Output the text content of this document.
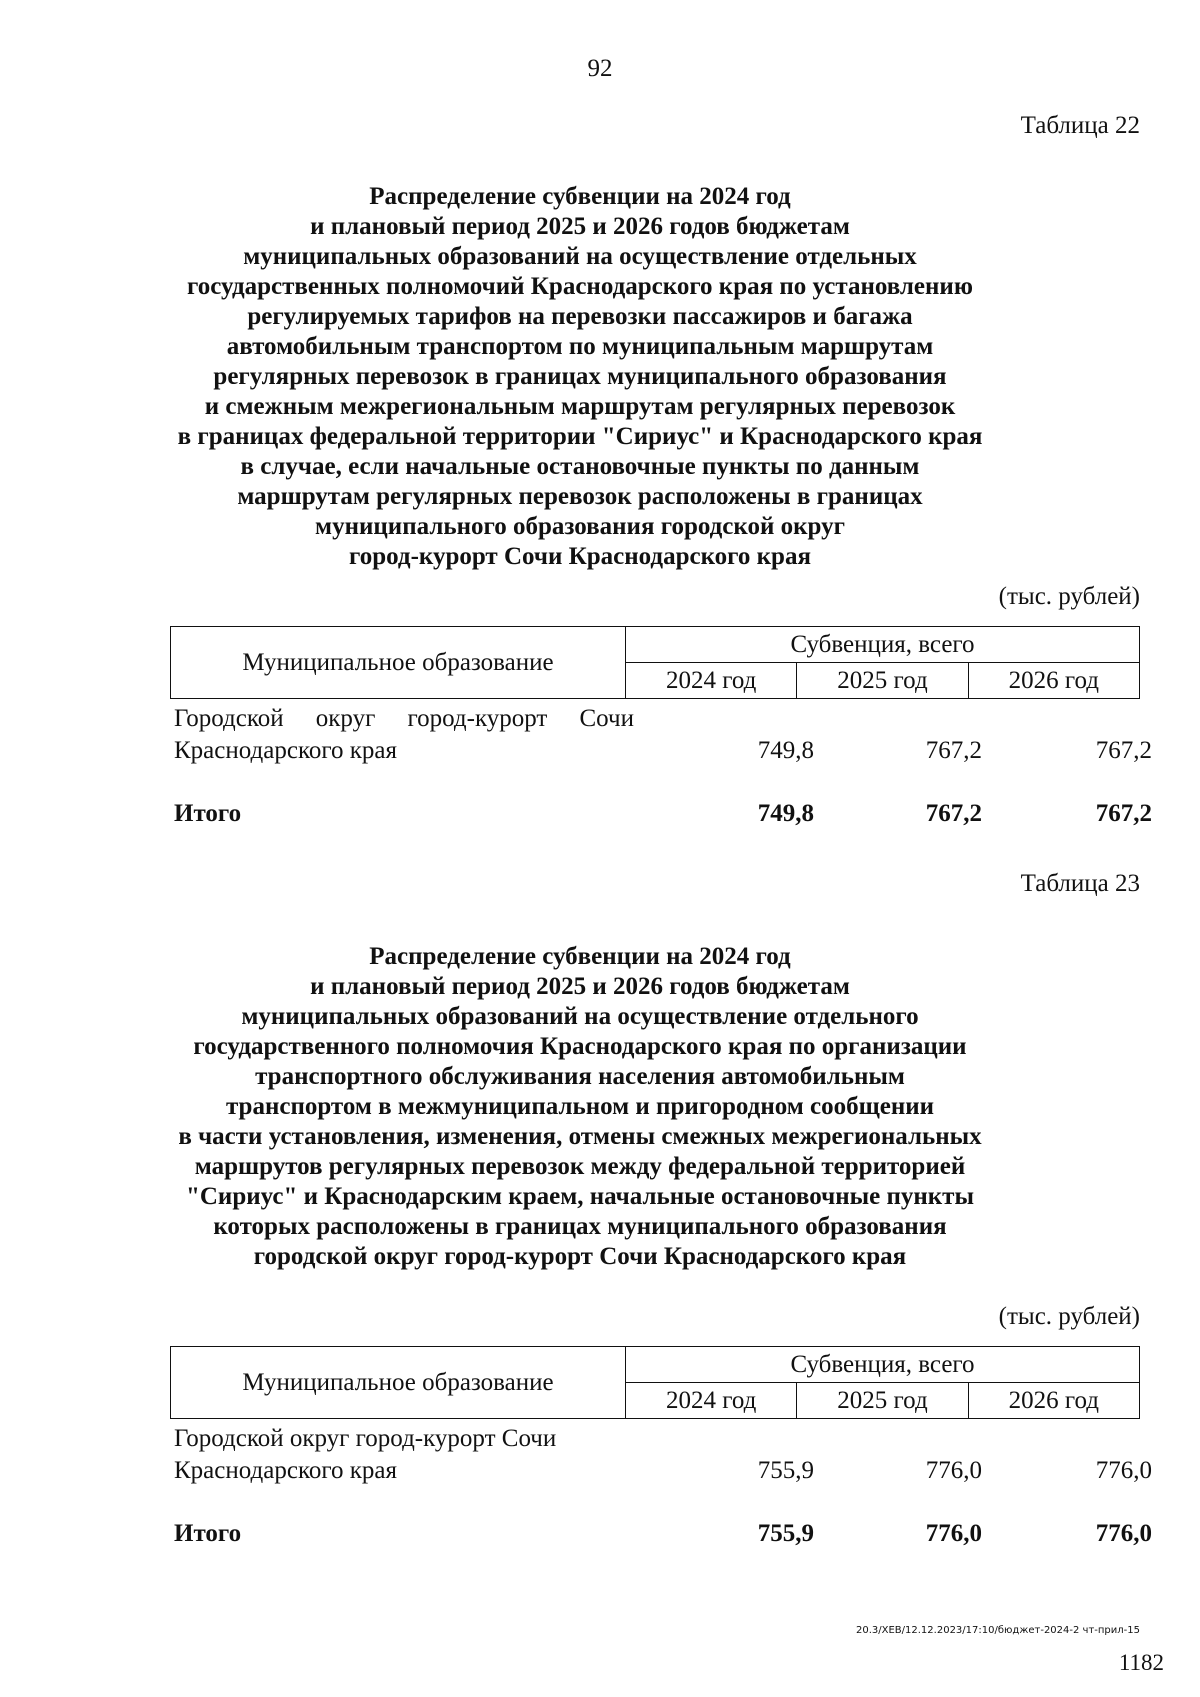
92
Таблица 22
Распределение субвенции на 2024 год
и плановый период 2025 и 2026 годов бюджетам
муниципальных образований на осуществление отдельных
государственных полномочий Краснодарского края по установлению
регулируемых тарифов на перевозки пассажиров и багажа
автомобильным транспортом по муниципальным маршрутам
регулярных перевозок в границах муниципального образования
и смежным межрегиональным маршрутам регулярных перевозок
в границах федеральной территории "Сириус" и Краснодарского края
в случае, если начальные остановочные пункты по данным
маршрутам регулярных перевозок расположены в границах
муниципального образования городской округ
город-курорт Сочи Краснодарского края
(тыс. рублей)
Муниципальное образование	Субвенция, всего		
	2024 год	2025 год	2026 год
Городской округ город-курорт Сочи
Краснодарского края	749,8	767,2	767,2
Итого	749,8	767,2	767,2
Таблица 23
Распределение субвенции на 2024 год
и плановый период 2025 и 2026 годов бюджетам
муниципальных образований на осуществление отдельного
государственного полномочия Краснодарского края по организации
транспортного обслуживания населения автомобильным
транспортом в межмуниципальном и пригородном сообщении
в части установления, изменения, отмены смежных межрегиональных
маршрутов регулярных перевозок между федеральной территорией
"Сириус" и Краснодарским краем, начальные остановочные пункты
которых расположены в границах муниципального образования
городской округ город-курорт Сочи Краснодарского края
(тыс. рублей)
Муниципальное образование	Субвенция, всего		
	2024 год	2025 год	2026 год
Городской округ город-курорт Сочи
Краснодарского края	755,9	776,0	776,0
Итого	755,9	776,0	776,0
20.3/XEB/12.12.2023/17:10/бюджет-2024-2 чт-прил-15
1182
